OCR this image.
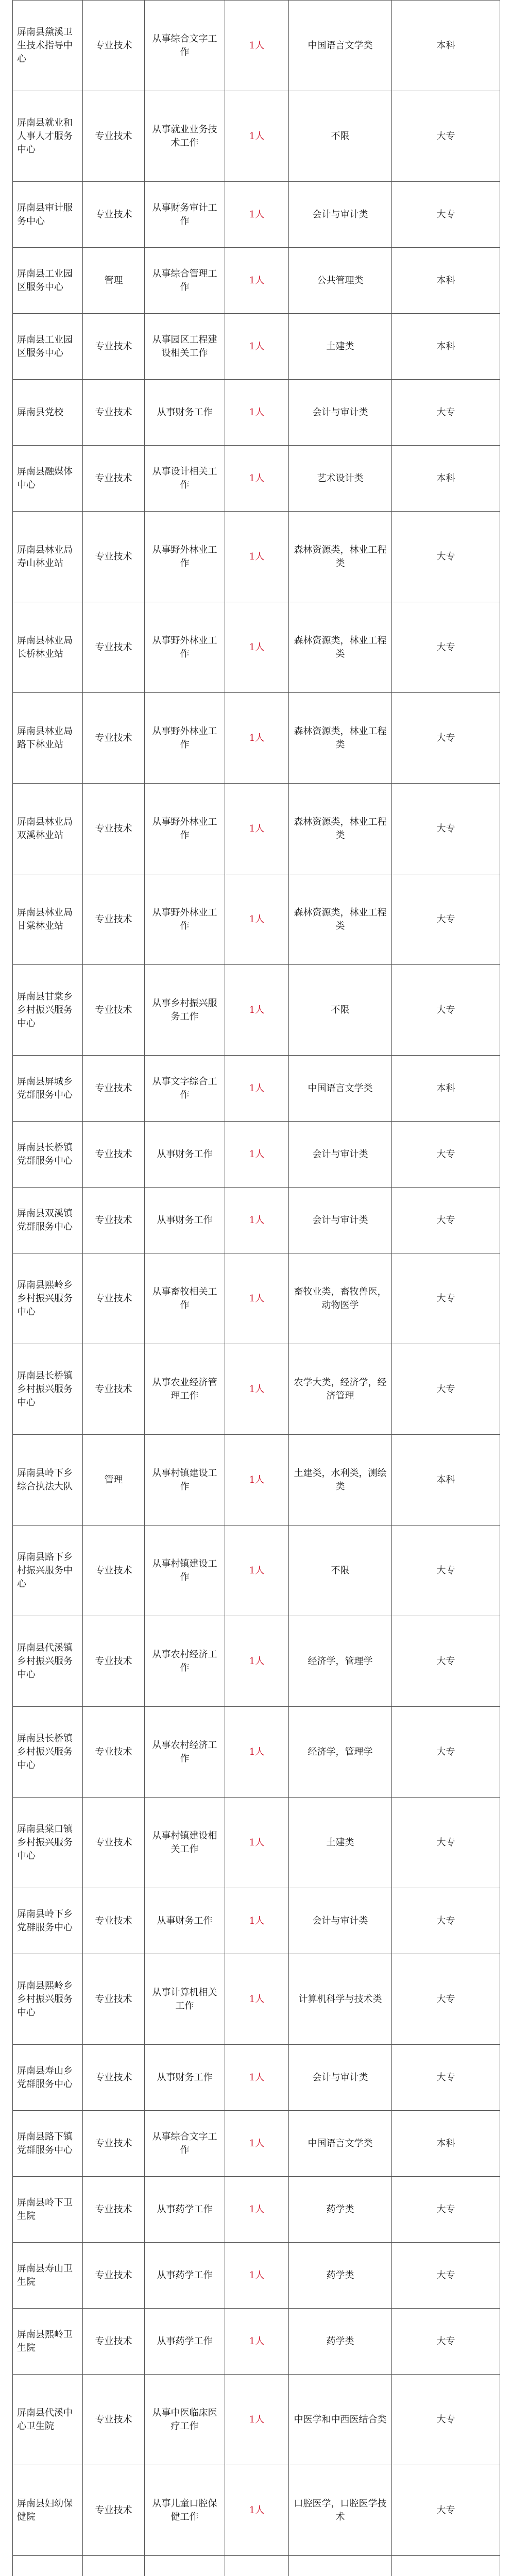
屏南县黛溪卫生技术指导中心	专业技术	从事综合文字工作	1人	中国语言文学类	本科
屏南县就业和人事人才服务中心	专业技术	从事就业业务技术工作	1人	不限	大专
屏南县审计服务中心	专业技术	从事财务审计工作	1人	会计与审计类	大专
屏南县工业园区服务中心	管理	从事综合管理工作	1人	公共管理类	本科
屏南县工业园区服务中心	专业技术	从事园区工程建设相关工作	1人	土建类	本科
屏南县党校	专业技术	从事财务工作	1人	会计与审计类	大专
屏南县融媒体中心	专业技术	从事设计相关工作	1人	艺术设计类	本科
屏南县林业局寿山林业站	专业技术	从事野外林业工作	1人	森林资源类，林业工程类	大专
屏南县林业局长桥林业站	专业技术	从事野外林业工作	1人	森林资源类，林业工程类	大专
屏南县林业局路下林业站	专业技术	从事野外林业工作	1人	森林资源类，林业工程类	大专
屏南县林业局双溪林业站	专业技术	从事野外林业工作	1人	森林资源类，林业工程类	大专
屏南县林业局甘棠林业站	专业技术	从事野外林业工作	1人	森林资源类，林业工程类	大专
屏南县甘棠乡乡村振兴服务中心	专业技术	从事乡村振兴服务工作	1人	不限	大专
屏南县屏城乡党群服务中心	专业技术	从事文字综合工作	1人	中国语言文学类	本科
屏南县长桥镇党群服务中心	专业技术	从事财务工作	1人	会计与审计类	大专
屏南县双溪镇党群服务中心	专业技术	从事财务工作	1人	会计与审计类	大专
屏南县熙岭乡乡村振兴服务中心	专业技术	从事畜牧相关工作	1人	畜牧业类，畜牧兽医，动物医学	大专
屏南县长桥镇乡村振兴服务中心	专业技术	从事农业经济管理工作	1人	农学大类，经济学，经济管理	大专
屏南县岭下乡综合执法大队	管理	从事村镇建设工作	1人	土建类，水利类，测绘类	本科
屏南县路下乡村振兴服务中心	专业技术	从事村镇建设工作	1人	不限	大专
屏南县代溪镇乡村振兴服务中心	专业技术	从事农村经济工作	1人	经济学，管理学	大专
屏南县长桥镇乡村振兴服务中心	专业技术	从事农村经济工作	1人	经济学，管理学	大专
屏南县棠口镇乡村振兴服务中心	专业技术	从事村镇建设相关工作	1人	土建类	大专
屏南县岭下乡党群服务中心	专业技术	从事财务工作	1人	会计与审计类	大专
屏南县熙岭乡乡村振兴服务中心	专业技术	从事计算机相关工作	1人	计算机科学与技术类	大专
屏南县寿山乡党群服务中心	专业技术	从事财务工作	1人	会计与审计类	大专
屏南县路下镇党群服务中心	专业技术	从事综合文字工作	1人	中国语言文学类	本科
屏南县岭下卫生院	专业技术	从事药学工作	1人	药学类	大专
屏南县寿山卫生院	专业技术	从事药学工作	1人	药学类	大专
屏南县熙岭卫生院	专业技术	从事药学工作	1人	药学类	大专
屏南县代溪中心卫生院	专业技术	从事中医临床医疗工作	1人	中医学和中西医结合类	大专
屏南县妇幼保健院	专业技术	从事儿童口腔保健工作	1人	口腔医学，口腔医学技术	大专
